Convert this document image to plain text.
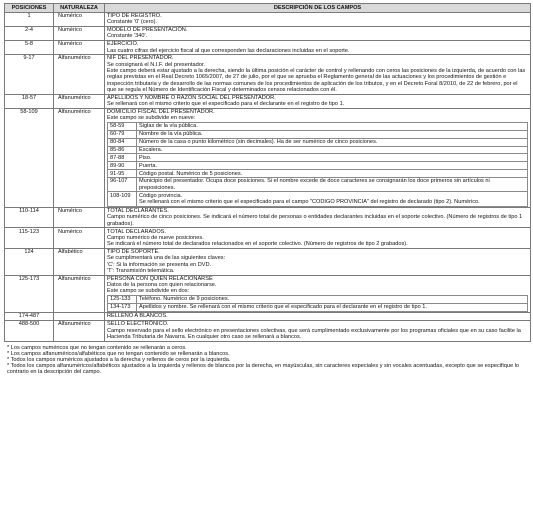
POSICIONES	NATURALEZA	DESCRIPCIÓN DE LOS CAMPOS
1	Numérico	TIPO DE REGISTRO.

Constante '0' (cero).

2-4	Numérico	MODELO DE PRESENTACIÓN.

Constante '340'.

5-8	Numérico	EJERCICIO.

Las cuatro cifras del ejercicio fiscal al que corresponden las declaraciones incluidas en el soporte.

9-17	Alfanumérico	NIF DEL PRESENTADOR.

Se consignará el N.I.F. del presentador.

Este campo deberá estar ajustado a la derecha, siendo la última posición el carácter de control y rellenando con ceros las posiciones de la izquierda, de acuerdo con las reglas previstas en el Real Decreto 1065/2007, de 27 de julio, por el que se aprueba el Reglamento general de las actuaciones y los procedimientos de gestión e inspección tributaria y de desarrollo de las normas comunes de los procedimientos de aplicación de los tributos, y en el Decreto Foral 8/2010, de 22 de febrero, por el que se regula el Número de Identificación Fiscal y determinados censos relacionados con él.

18-57	Alfanumérico	APELLIDOS Y NOMBRE O RAZÓN SOCIAL DEL PRESENTADOR.

Se rellenará con el mismo criterio que el especificado para el declarante en el registro de tipo 1.

58-109	Alfanumérico	DOMICILIO FISCAL DEL PRESENTADOR.

Este campo se subdivide en nueve:

58-59	Siglas de la vía pública.

60-79	Nombre de la vía pública.

80-84	Número de la casa o punto kilométrico (sin decimales). Ha de ser numérico de cinco posiciones.

85-86	Escalera.

87-88	Piso.

89-90	Puerta.

91-95	Código postal. Numérico de 5 posiciones.

96-107	Municipio del presentador. Ocupa doce posiciones. Si el nombre excede de doce caracteres se consignarán los doce primeros sin artículos ni preposiciones.

108-109	Código provincia.
Se rellenará con el mismo criterio que el especificado para el campo "CODIGO PROVINCIA" del registro de declarado (tipo 2). Numérico.

110-114	Numérico	TOTAL DECLARANTES.

Campo numérico de cinco posiciones. Se indicará el número total de personas o entidades declarantes incluidas en el soporte colectivo. (Número de registros de tipo 1 grabados).

115-123	Numérico	TOTAL DECLARADOS.

Campo numérico de nueve posiciones.

Se indicará el número total de declarados relacionados en el soporte colectivo. (Número de registros de tipo 2 grabados).

124	Alfabético	TIPO DE SOPORTE.

Se cumplimentará una de las siguientes claves:

'C': Si la información se presenta en DVD.

'T': Transmisión telemática.

125-173	Alfanumérico	PERSONA CON QUIEN RELACIONARSE

Datos de la persona con quien relacionarse.

Este campo se subdivide en dos:

125-133	Teléfono. Numérico de 9 posiciones.

134-173	Apellidos y nombre. Se rellenará con el mismo criterio que el especificado para el declarante en el registro de tipo 1.

174-487		RELLENO A BLANCOS.

488-500	Alfanumérico	SELLO ELECTRÓNICO.

Campo reservado para el sello electrónico en presentaciones colectivas, que será cumplimentado exclusivamente por los programas oficiales que en su caso facilite la Hacienda Tributaria de Navarra. En cualquier otro caso se rellenará a blancos.

* Los campos numéricos que no tengan contenido se rellenarán a ceros.

* Los campos alfanuméricos/alfabéticos que no tengan contenido se rellenarán a blancos.

* Todos los campos numéricos ajustados a la derecha y rellenos de ceros por la izquierda.

* Todos los campos alfanuméricos/alfabéticos ajustados a la izquierda y rellenos de blancos por la derecha, en mayúsculas, sin caracteres especiales y sin vocales acentuadas, excepto que se especifique lo contrario en la descripción del campo.
